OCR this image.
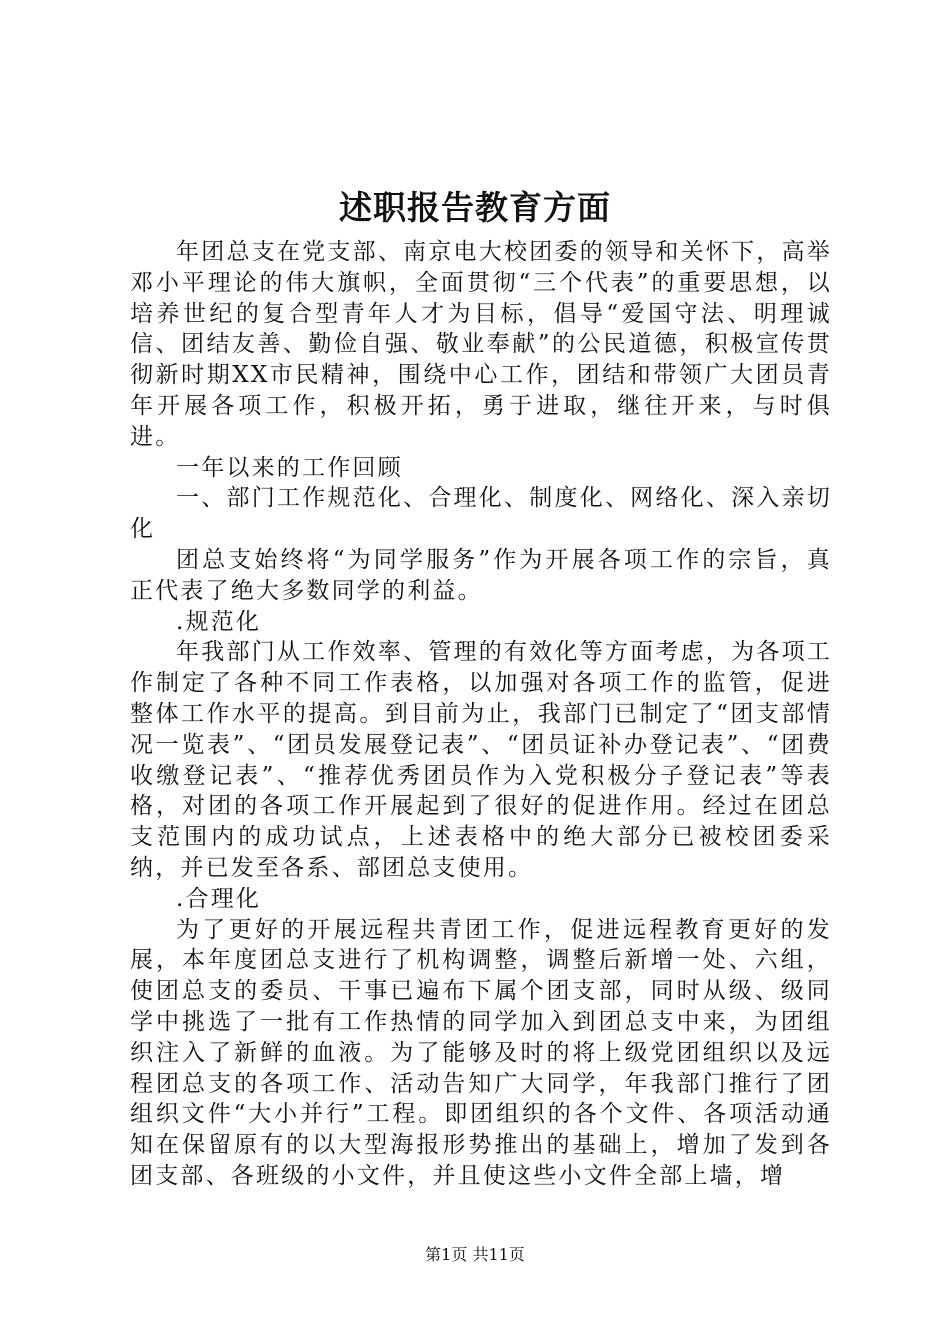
述职报告教育方面

年团总支在党支部、南京电大校团委的领导和关怀下，高举邓小平理论的伟大旗帜，全面贯彻“三个代表”的重要思想，以培养世纪的复合型青年人才为目标，倡导“爱国守法、明理诚信、团结友善、勤俭自强、敬业奉献”的公民道德，积极宣传贯彻新时期XX市民精神，围绕中心工作，团结和带领广大团员青年开展各项工作，积极开拓，勇于进取，继往开来，与时俱进。

一年以来的工作回顾

一、部门工作规范化、合理化、制度化、网络化、深入亲切化

团总支始终将“为同学服务”作为开展各项工作的宗旨，真正代表了绝大多数同学的利益。

.规范化

年我部门从工作效率、管理的有效化等方面考虑，为各项工作制定了各种不同工作表格，以加强对各项工作的监管，促进整体工作水平的提高。到目前为止，我部门已制定了“团支部情况一览表”、“团员发展登记表”、“团员证补办登记表”、“团费收缴登记表”、“推荐优秀团员作为入党积极分子登记表”等表格，对团的各项工作开展起到了很好的促进作用。经过在团总支范围内的成功试点，上述表格中的绝大部分已被校团委采纳，并已发至各系、部团总支使用。

.合理化

为了更好的开展远程共青团工作，促进远程教育更好的发展，本年度团总支进行了机构调整，调整后新增一处、六组，使团总支的委员、干事已遍布下属个团支部，同时从级、级同学中挑选了一批有工作热情的同学加入到团总支中来，为团组织注入了新鲜的血液。为了能够及时的将上级党团组织以及远程团总支的各项工作、活动告知广大同学，年我部门推行了团组织文件“大小并行”工程。即团组织的各个文件、各项活动通知在保留原有的以大型海报形势推出的基础上，增加了发到各团支部、各班级的小文件，并且使这些小文件全部上墙，增

第1页 共11页
